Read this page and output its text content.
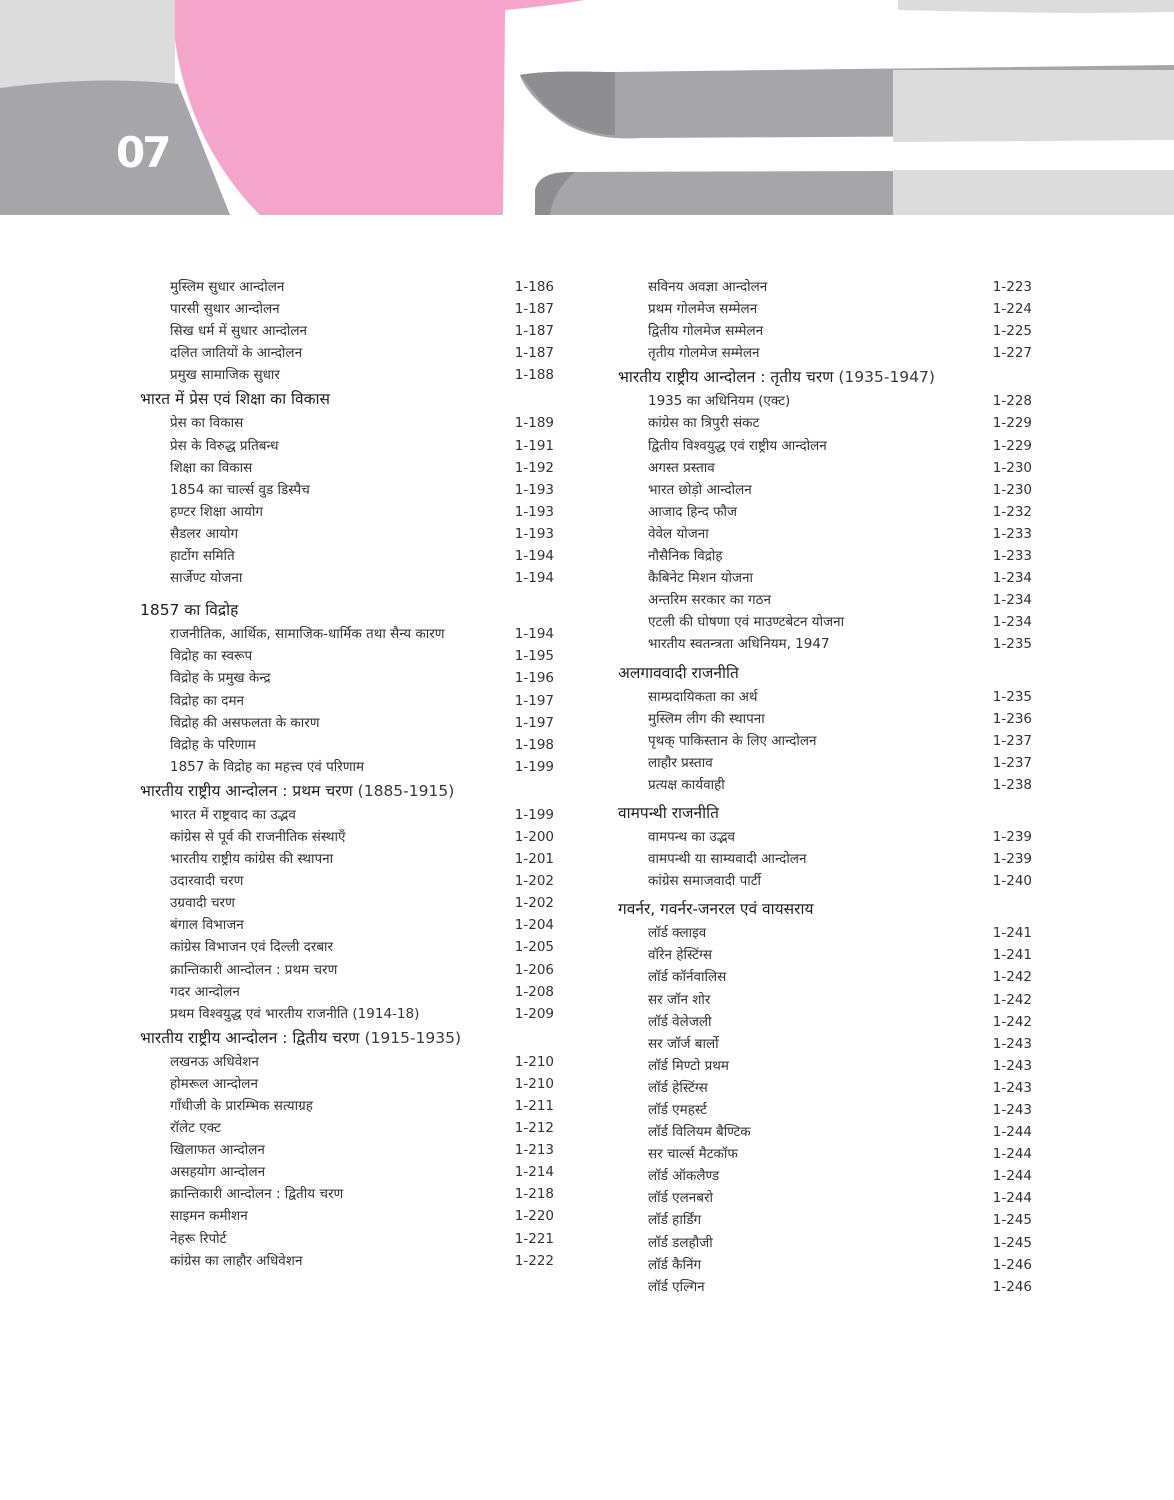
07
मुस्लिम सुधार आन्दोलन	1-186
पारसी सुधार आन्दोलन	1-187
सिख धर्म में सुधार आन्दोलन	1-187
दलित जातियों के आन्दोलन	1-187
प्रमुख सामाजिक सुधार	1-188
भारत में प्रेस एवं शिक्षा का विकास
प्रेस का विकास	1-189
प्रेस के विरुद्ध प्रतिबन्ध	1-191
शिक्षा का विकास	1-192
1854 का चार्ल्स वुड डिस्पैच	1-193
हण्टर शिक्षा आयोग	1-193
सैडलर आयोग	1-193
हार्टोग समिति	1-194
सार्जेण्ट योजना	1-194
1857 का विद्रोह
राजनीतिक, आर्थिक, सामाजिक-धार्मिक तथा सैन्य कारण	1-194
विद्रोह का स्वरूप	1-195
विद्रोह के प्रमुख केन्द्र	1-196
विद्रोह का दमन	1-197
विद्रोह की असफलता के कारण	1-197
विद्रोह के परिणाम	1-198
1857 के विद्रोह का महत्त्व एवं परिणाम	1-199
भारतीय राष्ट्रीय आन्दोलन : प्रथम चरण (1885-1915)
भारत में राष्ट्रवाद का उद्भव	1-199
कांग्रेस से पूर्व की राजनीतिक संस्थाएँ	1-200
भारतीय राष्ट्रीय कांग्रेस की स्थापना	1-201
उदारवादी चरण	1-202
उग्रवादी चरण	1-202
बंगाल विभाजन	1-204
कांग्रेस विभाजन एवं दिल्ली दरबार	1-205
क्रान्तिकारी आन्दोलन : प्रथम चरण	1-206
गदर आन्दोलन	1-208
प्रथम विश्वयुद्ध एवं भारतीय राजनीति (1914-18)	1-209
भारतीय राष्ट्रीय आन्दोलन : द्वितीय चरण (1915-1935)
लखनऊ अधिवेशन	1-210
होमरूल आन्दोलन	1-210
गाँधीजी के प्रारम्भिक सत्याग्रह	1-211
रॉलेट एक्ट	1-212
खिलाफत आन्दोलन	1-213
असहयोग आन्दोलन	1-214
क्रान्तिकारी आन्दोलन : द्वितीय चरण	1-218
साइमन कमीशन	1-220
नेहरू रिपोर्ट	1-221
कांग्रेस का लाहौर अधिवेशन	1-222
सविनय अवज्ञा आन्दोलन	1-223
प्रथम गोलमेज सम्मेलन	1-224
द्वितीय गोलमेज सम्मेलन	1-225
तृतीय गोलमेज सम्मेलन	1-227
भारतीय राष्ट्रीय आन्दोलन : तृतीय चरण (1935-1947)
1935 का अधिनियम (एक्ट)	1-228
कांग्रेस का त्रिपुरी संकट	1-229
द्वितीय विश्वयुद्ध एवं राष्ट्रीय आन्दोलन	1-229
अगस्त प्रस्ताव	1-230
भारत छोड़ो आन्दोलन	1-230
आजाद हिन्द फौज	1-232
वेवेल योजना	1-233
नौसैनिक विद्रोह	1-233
कैबिनेट मिशन योजना	1-234
अन्तरिम सरकार का गठन	1-234
एटली की घोषणा एवं माउण्टबेटन योजना	1-234
भारतीय स्वतन्त्रता अधिनियम, 1947	1-235
अलगाववादी राजनीति
साम्प्रदायिकता का अर्थ	1-235
मुस्लिम लीग की स्थापना	1-236
पृथक् पाकिस्तान के लिए आन्दोलन	1-237
लाहौर प्रस्ताव	1-237
प्रत्यक्ष कार्यवाही	1-238
वामपन्थी राजनीति
वामपन्थ का उद्भव	1-239
वामपन्थी या साम्यवादी आन्दोलन	1-239
कांग्रेस समाजवादी पार्टी	1-240
गवर्नर, गवर्नर-जनरल एवं वायसराय
लॉर्ड क्लाइव	1-241
वॉरेन हेस्टिंग्स	1-241
लॉर्ड कॉर्नवालिस	1-242
सर जॉन शोर	1-242
लॉर्ड वेलेजली	1-242
सर जॉर्ज बार्लो	1-243
लॉर्ड मिण्टो प्रथम	1-243
लॉर्ड हेस्टिंग्स	1-243
लॉर्ड एमहर्स्ट	1-243
लॉर्ड विलियम बैण्टिक	1-244
सर चार्ल्स मैटकॉफ	1-244
लॉर्ड ऑकलैण्ड	1-244
लॉर्ड एलनबरो	1-244
लॉर्ड हार्डिंग	1-245
लॉर्ड डलहौजी	1-245
लॉर्ड कैनिंग	1-246
लॉर्ड एल्गिन	1-246
